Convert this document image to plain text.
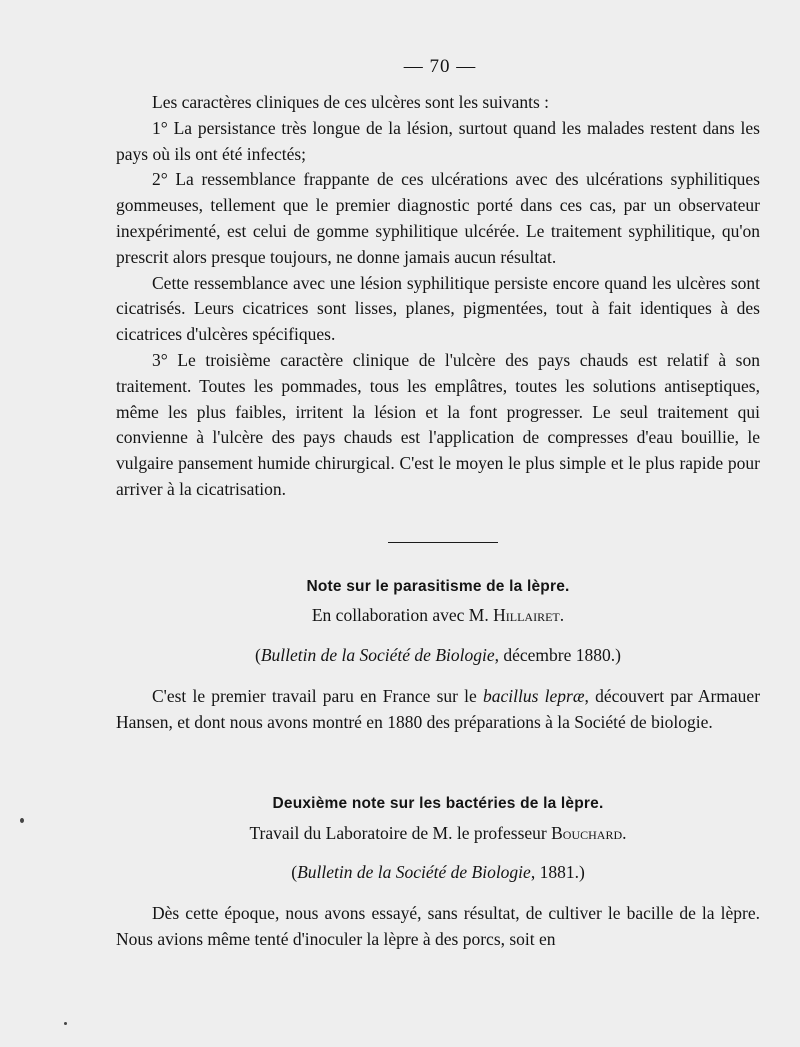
— 70 —

Les caractères cliniques de ces ulcères sont les suivants :

1° La persistance très longue de la lésion, surtout quand les malades restent dans les pays où ils ont été infectés;

2° La ressemblance frappante de ces ulcérations avec des ulcérations syphilitiques gommeuses, tellement que le premier diagnostic porté dans ces cas, par un observateur inexpérimenté, est celui de gomme syphilitique ulcérée. Le traitement syphilitique, qu'on prescrit alors presque toujours, ne donne jamais aucun résultat.

Cette ressemblance avec une lésion syphilitique persiste encore quand les ulcères sont cicatrisés. Leurs cicatrices sont lisses, planes, pigmentées, tout à fait identiques à des cicatrices d'ulcères spécifiques.

3° Le troisième caractère clinique de l'ulcère des pays chauds est relatif à son traitement. Toutes les pommades, tous les emplâtres, toutes les solutions antiseptiques, même les plus faibles, irritent la lésion et la font progresser. Le seul traitement qui convienne à l'ulcère des pays chauds est l'application de compresses d'eau bouillie, le vulgaire pansement humide chirurgical. C'est le moyen le plus simple et le plus rapide pour arriver à la cicatrisation.

Note sur le parasitisme de la lèpre.
En collaboration avec M. Hillairet.
(Bulletin de la Société de Biologie, décembre 1880.)

C'est le premier travail paru en France sur le bacillus lepræ, découvert par Armauer Hansen, et dont nous avons montré en 1880 des préparations à la Société de biologie.

Deuxième note sur les bactéries de la lèpre.
Travail du Laboratoire de M. le professeur Bouchard.
(Bulletin de la Société de Biologie, 1881.)

Dès cette époque, nous avons essayé, sans résultat, de cultiver le bacille de la lèpre. Nous avions même tenté d'inoculer la lèpre à des porcs, soit en
